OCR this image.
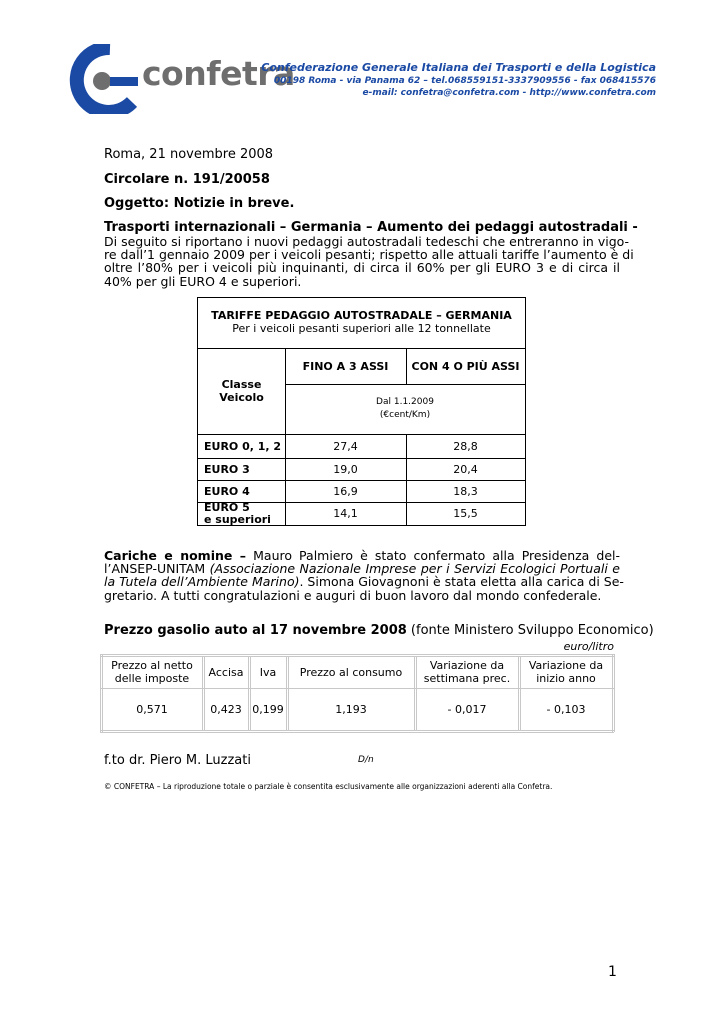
confetra
Confederazione Generale Italiana dei Trasporti e della Logistica
00198 Roma - via Panama 62 – tel.068559151-3337909556 - fax 068415576
e-mail: confetra@confetra.com - http://www.confetra.com
Roma, 21 novembre 2008
Circolare n. 191/20058
Oggetto: Notizie in breve.
Trasporti internazionali – Germania – Aumento dei pedaggi autostradali -
Di seguito si riportano i nuovi pedaggi autostradali tedeschi che entreranno in vigo-
re dall’1 gennaio 2009 per i veicoli pesanti; rispetto alle attuali tariffe l’aumento è di
oltre l’80% per i veicoli più inquinanti, di circa il 60% per gli EURO 3 e di circa il
40% per gli EURO 4 e superiori.
TARIFFE PEDAGGIO AUTOSTRADALE – GERMANIA
Per i veicoli pesanti superiori alle 12 tonnellate
Classe
Veicolo
FINO A 3 ASSI	CON 4 O PIÙ ASSI
Dal 1.1.2009
(€cent/Km)
EURO 0, 1, 2	27,4	28,8
EURO 3	19,0	20,4
EURO 4	16,9	18,3
EURO 5
e superiori	14,1	15,5
Cariche e nomine – Mauro Palmiero è stato confermato alla Presidenza del-
l’ANSEP-UNITAM (Associazione Nazionale Imprese per i Servizi Ecologici Portuali e
la Tutela dell’Ambiente Marino). Simona Giovagnoni è stata eletta alla carica di Se-
gretario. A tutti congratulazioni e auguri di buon lavoro dal mondo confederale.
Prezzo gasolio auto al 17 novembre 2008 (fonte Ministero Sviluppo Economico)
euro/litro
Prezzo al netto
delle imposte	Accisa	Iva	Prezzo al consumo	Variazione da
settimana prec.
Variazione da
inizio anno
0,571	0,423 0,199	1,193	- 0,017	- 0,103
f.to dr. Piero M. Luzzati	D/n
© CONFETRA – La riproduzione totale o parziale è consentita esclusivamente alle organizzazioni aderenti alla Confetra.
1
